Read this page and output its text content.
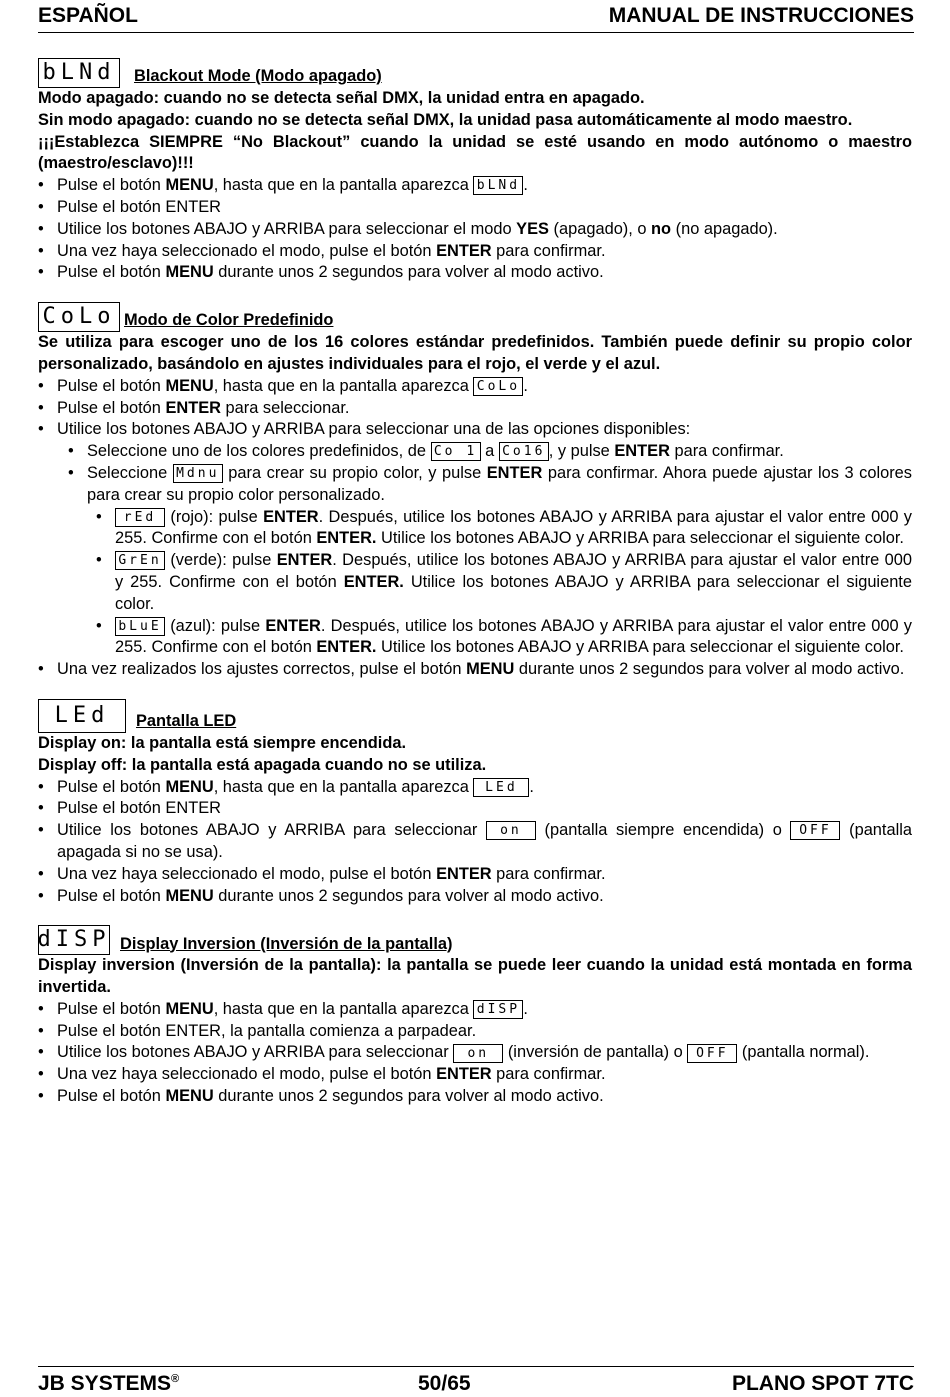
ESPAÑOL	MANUAL DE INSTRUCCIONES
bLNd Blackout Mode (Modo apagado)

Modo apagado: cuando no se detecta señal DMX, la unidad entra en apagado.

Sin modo apagado: cuando no se detecta señal DMX, la unidad pasa automáticamente al modo maestro.

¡¡¡Establezca SIEMPRE “No Blackout” cuando la unidad se esté usando en modo autónomo o maestro (maestro/esclavo)!!!

• Pulse el botón MENU, hasta que en la pantalla aparezca bLNd .
• Pulse el botón ENTER
• Utilice los botones ABAJO y ARRIBA para seleccionar el modo YES (apagado), o no (no apagado).
• Una vez haya seleccionado el modo, pulse el botón ENTER para confirmar.
• Pulse el botón MENU durante unos 2 segundos para volver al modo activo.
CoLo Modo de Color Predefinido

Se utiliza para escoger uno de los 16 colores estándar predefinidos. También puede definir su propio color personalizado, basándolo en ajustes individuales para el rojo, el verde y el azul.

• Pulse el botón MENU, hasta que en la pantalla aparezca CoLo .
• Pulse el botón ENTER para seleccionar.
• Utilice los botones ABAJO y ARRIBA para seleccionar una de las opciones disponibles:
• Seleccione uno de los colores predefinidos, de Co 1 a Co16 , y pulse ENTER para confirmar.
• Seleccione Mdnu para crear su propio color, y pulse ENTER para confirmar. Ahora puede ajustar los 3 colores para crear su propio color personalizado.
• rEd (rojo): pulse ENTER. Después, utilice los botones ABAJO y ARRIBA para ajustar el valor entre 000 y 255. Confirme con el botón ENTER. Utilice los botones ABAJO y ARRIBA para seleccionar el siguiente color.
• GrEn (verde): pulse ENTER. Después, utilice los botones ABAJO y ARRIBA para ajustar el valor entre 000 y 255. Confirme con el botón ENTER. Utilice los botones ABAJO y ARRIBA para seleccionar el siguiente color.
• bLuE (azul): pulse ENTER. Después, utilice los botones ABAJO y ARRIBA para ajustar el valor entre 000 y 255. Confirme con el botón ENTER. Utilice los botones ABAJO y ARRIBA para seleccionar el siguiente color.
• Una vez realizados los ajustes correctos, pulse el botón MENU durante unos 2 segundos para volver al modo activo.
LEd	Pantalla LED

Display on: la pantalla está siempre encendida.

Display off: la pantalla está apagada cuando no se utiliza.

• Pulse el botón MENU, hasta que en la pantalla aparezca LEd .
• Pulse el botón ENTER
• Utilice los botones ABAJO y ARRIBA para seleccionar on (pantalla siempre encendida) o OFF (pantalla apagada si no se usa).
• Una vez haya seleccionado el modo, pulse el botón ENTER para confirmar.
• Pulse el botón MENU durante unos 2 segundos para volver al modo activo.
dISP Display Inversion (Inversión de la pantalla)

Display inversion (Inversión de la pantalla): la pantalla se puede leer cuando la unidad está montada en forma invertida.

• Pulse el botón MENU, hasta que en la pantalla aparezca dISP .
• Pulse el botón ENTER, la pantalla comienza a parpadear.
• Utilice los botones ABAJO y ARRIBA para seleccionar on (inversión de pantalla) o OFF (pantalla normal).
• Una vez haya seleccionado el modo, pulse el botón ENTER para confirmar.
• Pulse el botón MENU durante unos 2 segundos para volver al modo activo.
JB SYSTEMS®	50/65	PLANO SPOT 7TC
